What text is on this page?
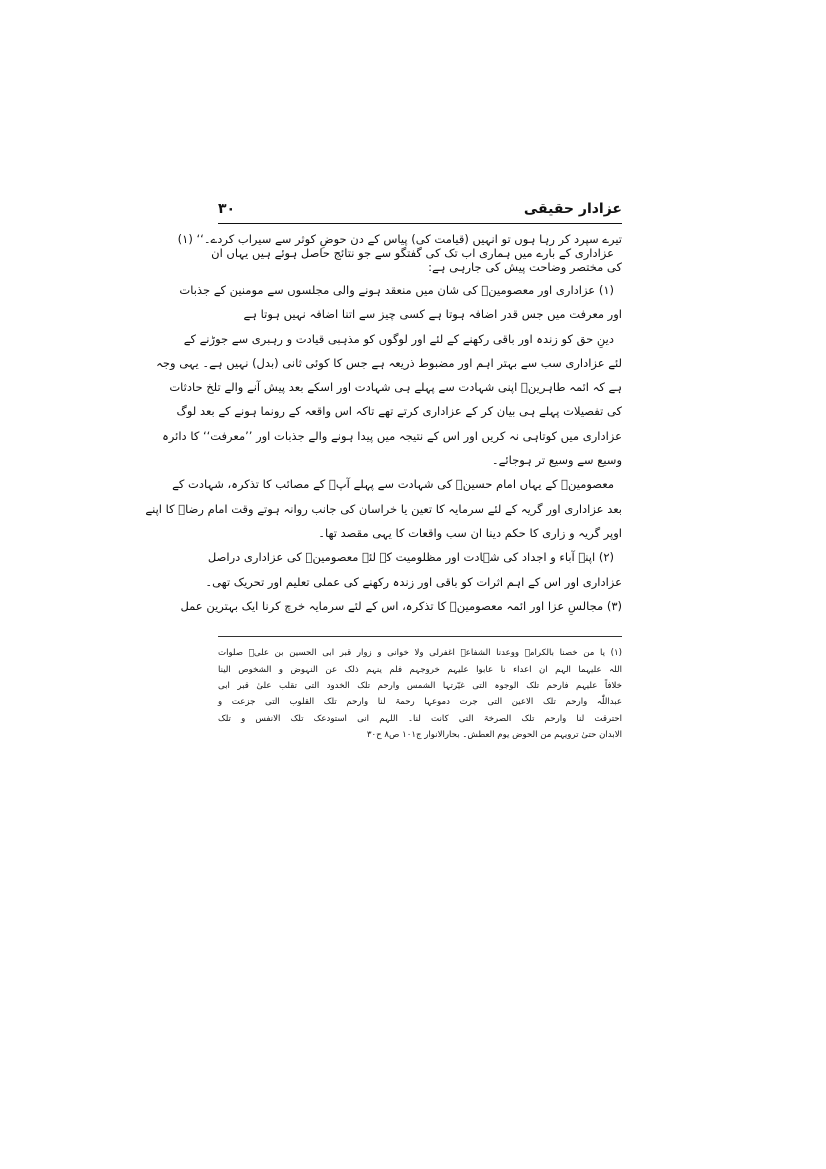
عزادار حقیقی
۳۰
تیرے سپرد کر رہا ہوں تو انہیں (قیامت کی) پیاس کے دن حوضِ کوثر سے سیراب کردے۔‘‘ (۱)
عزاداری کے بارے میں ہماری اب تک کی گفتگو سے جو نتائج حاصل ہوئے ہیں یہاں ان
کی مختصر وضاحت پیش کی جارہی ہے:
(۱) عزاداری اور معصومینؑ کی شان میں منعقد ہونے والی مجلسوں سے مومنین کے جذبات
اور معرفت میں جس قدر اضافہ ہوتا ہے کسی چیز سے اتنا اضافہ نہیں ہوتا ہے
دینِ حق کو زندہ اور باقی رکھنے کے لئے اور لوگوں کو مذہبی قیادت و رہبری سے جوڑنے کے
لئے عزاداری سب سے بہتر اہم اور مضبوط ذریعہ ہے جس کا کوئی ثانی (بدل) نہیں ہے۔ یہی وجہ
ہے کہ ائمہ طاہرینؑ اپنی شہادت سے پہلے ہی شہادت اور اسکے بعد پیش آنے والے تلخ حادثات
کی تفصیلات پہلے ہی بیان کر کے عزاداری کرتے تھے تاکہ اس واقعہ کے رونما ہونے کے بعد لوگ
عزاداری میں کوتاہی نہ کریں اور اس کے نتیجہ میں پیدا ہونے والے جذبات اور ’’معرفت‘‘ کا دائرہ
وسیع سے وسیع تر ہوجائے۔
معصومینؑ کے یہاں امام حسینؑ کی شہادت سے پہلے آپؑ کے مصائب کا تذکرہ، شہادت کے
بعد عزاداری اور گریہ کے لئے سرمایہ کا تعین یا خراسان کی جانب روانہ ہوتے وقت امام رضاؑ کا اپنے
اوپر گریہ و زاری کا حکم دینا ان سب واقعات کا یہی مقصد تھا۔
(۲) اپنے آباء و اجداد کی شہادت اور مظلومیت کے لئے معصومینؑ کی عزاداری دراصل
عزاداری اور اس کے اہم اثرات کو باقی اور زندہ رکھنے کی عملی تعلیم اور تحریک تھی۔
(۳) مجالسِ عزا اور ائمہ معصومینؑ کا تذکرہ، اس کے لئے سرمایہ خرچ کرنا ایک بہترین عمل
(۱) یا من خصنا بالکرامۃ ووعدنا الشفاعۃ اغفرلی ولا خوانی و زوار قبر ابی الحسین بن علیؑ صلوات
اللہ علیہما الہم ان اعداء نا عابوا علیہم خروجہم فلم ینہم ذلک عن النہوض و الشخوص الینا
خلافاً علیہم فارحم تلک الوجوہ التی غیّرتہا الشمس وارحم تلک الخدود التی تقلب علیٰ قبر ابی
عبداللّٰہ وارحم تلک الاعین التی جرت دموعہا رحمۃ لنا وارحم تلک القلوب التی جزعت و
احترقت لنا وارحم تلک الصرخۃ التی کانت لنا۔ اللہم انی استودعک تلک الانفس و تلک
الابدان حتیٰ ترویہم من الحوض یوم العطش۔ بحارالانوار ج۱۰۱ ص۸ ح۳۰
